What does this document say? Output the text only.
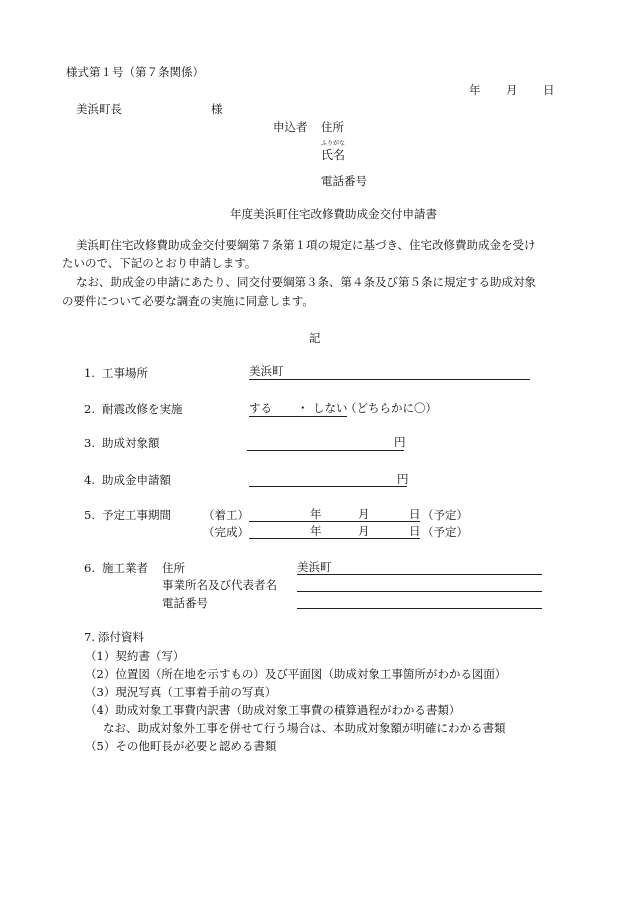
様式第１号（第７条関係）
年 月 日
美浜町長	様
申込者 住所
ふりがな
氏名
電話番号
年度美浜町住宅改修費助成金交付申請書
美浜町住宅改修費助成金交付要綱第７条第１項の規定に基づき、住宅改修費助成金を受け
たいので、下記のとおり申請します。
なお、助成金の申請にあたり、同交付要綱第３条、第４条及び第５条に規定する助成対象
の要件について必要な調査の実施に同意します。
記
1. 工事場所	美浜町
2. 耐震改修を実施	する ・ しない
（どちらかに〇）
3. 助成対象額	円
4. 助成金申請額	円
5. 予定工事期間	（着工）	年	月	日 （予定）
（完成）	年	月	日 （予定）
6. 施工業者 住所	美浜町
事業所名及び代表者名
電話番号
7. 添付資料
（1）契約書（写）
（2）位置図（所在地を示すもの）及び平面図（助成対象工事箇所がわかる図面）
（3）現況写真（工事着手前の写真）
（4）助成対象工事費内訳書（助成対象工事費の積算過程がわかる書類）
なお、助成対象外工事を併せて行う場合は、本助成対象額が明確にわかる書類
（5）その他町長が必要と認める書類
